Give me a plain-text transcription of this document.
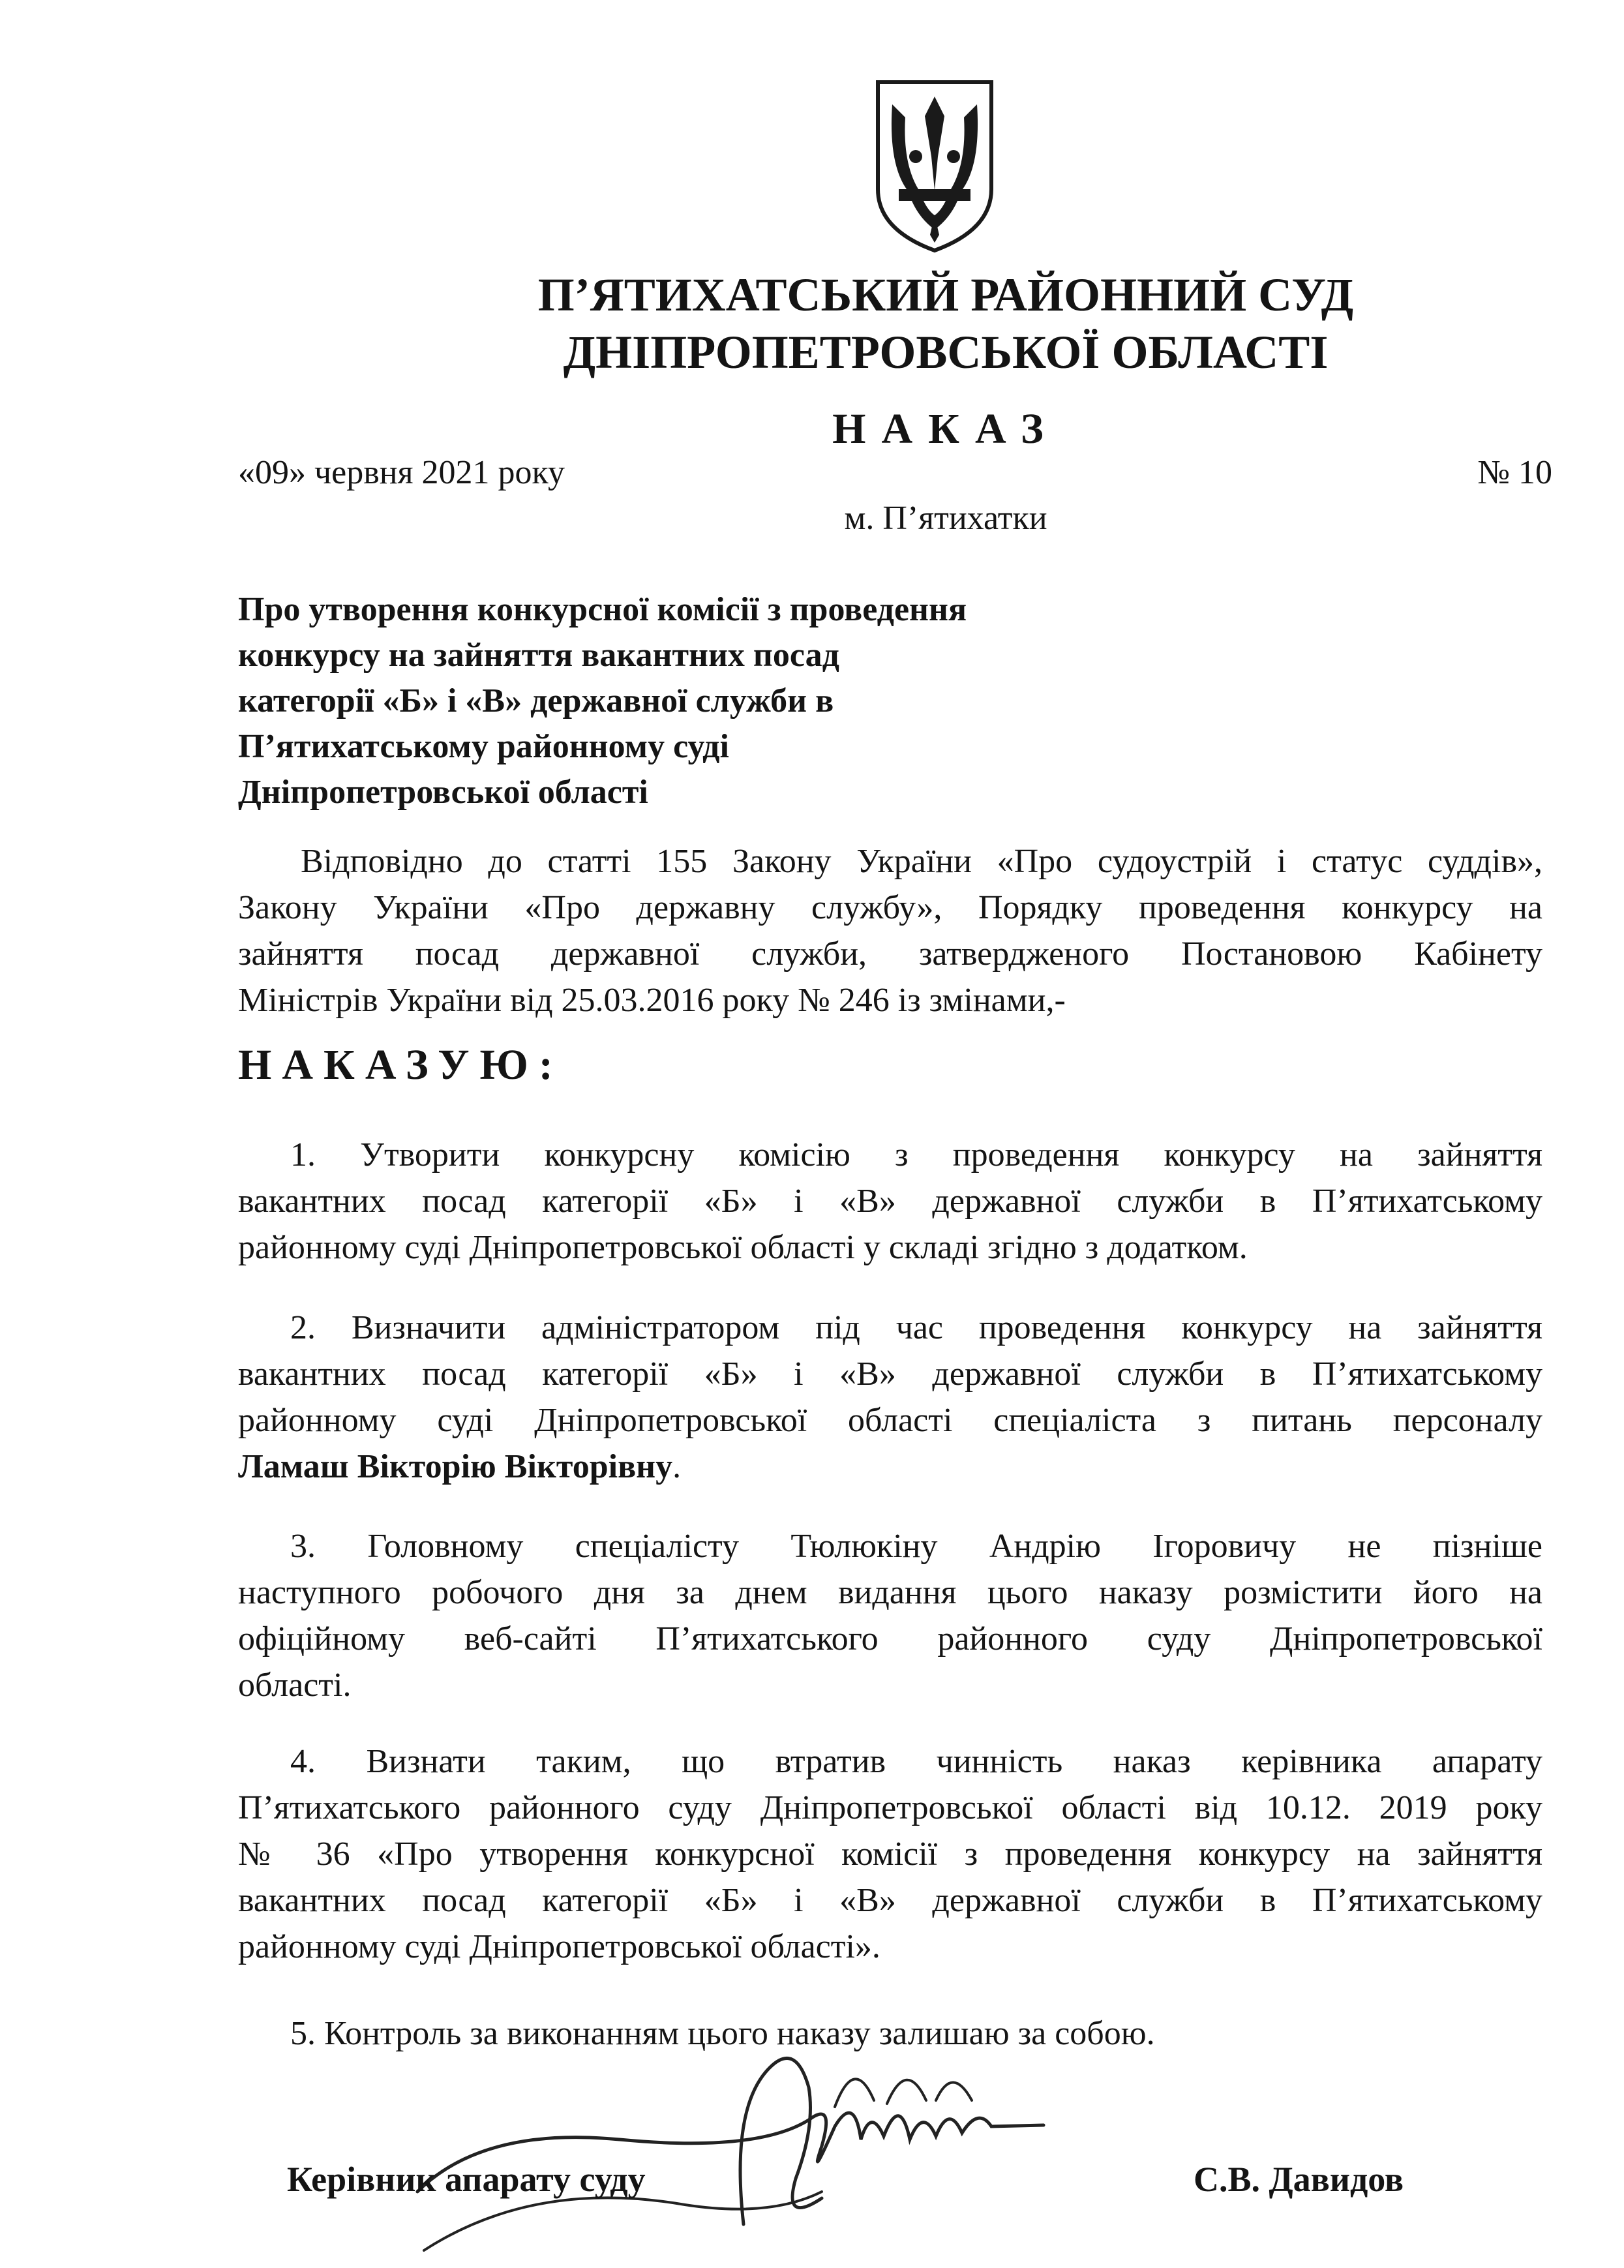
П’ЯТИХАТСЬКИЙ РАЙОННИЙ СУД
ДНІПРОПЕТРОВСЬКОЇ ОБЛАСТІ
НАКАЗ
«09» червня 2021 року	№ 10
м. П’ятихатки
Про утворення конкурсної комісії з проведення
конкурсу на зайняття вакантних посад
категорії «Б» і «В» державної служби в
П’ятихатському районному суді
Дніпропетровської області
Відповідно до статті 155 Закону України «Про судоустрій і статус суддів»,
Закону України «Про державну службу», Порядку проведення конкурсу на
зайняття посад державної служби, затвердженого Постановою Кабінету
Міністрів України від 25.03.2016 року № 246 із змінами,-
НАКАЗУЮ:
1. Утворити конкурсну комісію з проведення конкурсу на зайняття
вакантних посад категорії «Б» і «В» державної служби в П’ятихатському
районному суді Дніпропетровської області у складі згідно з додатком.
2. Визначити адміністратором під час проведення конкурсу на зайняття
вакантних посад категорії «Б» і «В» державної служби в П’ятихатському
районному суді Дніпропетровської області спеціаліста з питань персоналу
Ламаш Вікторію Вікторівну.
3. Головному спеціалісту Тюлюкіну Андрію Ігоровичу не пізніше
наступного робочого дня за днем видання цього наказу розмістити його на
офіційному веб-сайті П’ятихатського районного суду Дніпропетровської
області.
4. Визнати таким, що втратив чинність наказ керівника апарату
П’ятихатського районного суду Дніпропетровської області від 10.12. 2019 року
№ 36 «Про утворення конкурсної комісії з проведення конкурсу на зайняття
вакантних посад категорії «Б» і «В» державної служби в П’ятихатському
районному суді Дніпропетровської області».
5. Контроль за виконанням цього наказу залишаю за собою.
Керівник апарату суду	С.В. Давидов
